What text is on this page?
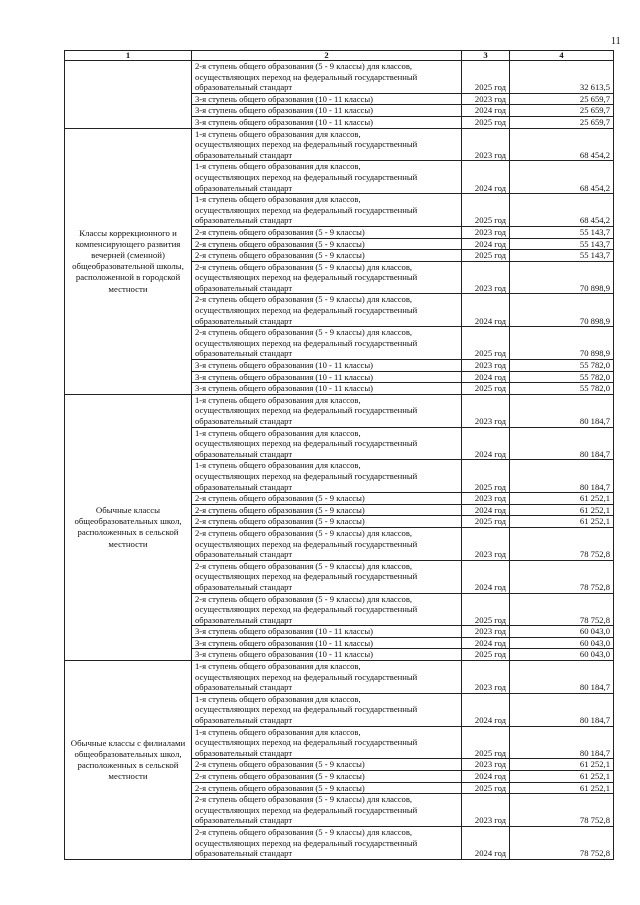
11
1	2	3	4

	2-я ступень общего образования (5 - 9 классы) для классов,
осуществляющих переход на федеральный государственный
образовательный стандарт	2025 год	32 613,5

	3-я ступень общего образования (10 - 11 классы)	2023 год	25 659,7

	3-я ступень общего образования (10 - 11 классы)	2024 год	25 659,7

	3-я ступень общего образования (10 - 11 классы)	2025 год	25 659,7
Классы коррекционного и компенсирующего развития вечерней (сменной) общеобразовательной школы, расположенной в городской местности	1-я ступень общего образования для классов,
осуществляющих переход на федеральный государственный
образовательный стандарт	2023 год	68 454,2

	1-я ступень общего образования для классов,
осуществляющих переход на федеральный государственный
образовательный стандарт	2024 год	68 454,2

	1-я ступень общего образования для классов,
осуществляющих переход на федеральный государственный
образовательный стандарт	2025 год	68 454,2

	2-я ступень общего образования (5 - 9 классы)	2023 год	55 143,7

	2-я ступень общего образования (5 - 9 классы)	2024 год	55 143,7

	2-я ступень общего образования (5 - 9 классы)	2025 год	55 143,7

	2-я ступень общего образования (5 - 9 классы) для классов,
осуществляющих переход на федеральный государственный
образовательный стандарт	2023 год	70 898,9

	2-я ступень общего образования (5 - 9 классы) для классов,
осуществляющих переход на федеральный государственный
образовательный стандарт	2024 год	70 898,9

	2-я ступень общего образования (5 - 9 классы) для классов,
осуществляющих переход на федеральный государственный
образовательный стандарт	2025 год	70 898,9

	3-я ступень общего образования (10 - 11 классы)	2023 год	55 782,0

	3-я ступень общего образования (10 - 11 классы)	2024 год	55 782,0

	3-я ступень общего образования (10 - 11 классы)	2025 год	55 782,0
Обычные классы общеобразовательных школ, расположенных в сельской местности	1-я ступень общего образования для классов,
осуществляющих переход на федеральный государственный
образовательный стандарт	2023 год	80 184,7

	1-я ступень общего образования для классов,
осуществляющих переход на федеральный государственный
образовательный стандарт	2024 год	80 184,7

	1-я ступень общего образования для классов,
осуществляющих переход на федеральный государственный
образовательный стандарт	2025 год	80 184,7

	2-я ступень общего образования (5 - 9 классы)	2023 год	61 252,1

	2-я ступень общего образования (5 - 9 классы)	2024 год	61 252,1

	2-я ступень общего образования (5 - 9 классы)	2025 год	61 252,1

	2-я ступень общего образования (5 - 9 классы) для классов,
осуществляющих переход на федеральный государственный
образовательный стандарт	2023 год	78 752,8

	2-я ступень общего образования (5 - 9 классы) для классов,
осуществляющих переход на федеральный государственный
образовательный стандарт	2024 год	78 752,8

	2-я ступень общего образования (5 - 9 классы) для классов,
осуществляющих переход на федеральный государственный
образовательный стандарт	2025 год	78 752,8

	3-я ступень общего образования (10 - 11 классы)	2023 год	60 043,0

	3-я ступень общего образования (10 - 11 классы)	2024 год	60 043,0

	3-я ступень общего образования (10 - 11 классы)	2025 год	60 043,0
Обычные классы с филиалами общеобразовательных школ, расположенных в сельской местности	1-я ступень общего образования для классов,
осуществляющих переход на федеральный государственный
образовательный стандарт	2023 год	80 184,7

	1-я ступень общего образования для классов,
осуществляющих переход на федеральный государственный
образовательный стандарт	2024 год	80 184,7

	1-я ступень общего образования для классов,
осуществляющих переход на федеральный государственный
образовательный стандарт	2025 год	80 184,7

	2-я ступень общего образования (5 - 9 классы)	2023 год	61 252,1

	2-я ступень общего образования (5 - 9 классы)	2024 год	61 252,1

	2-я ступень общего образования (5 - 9 классы)	2025 год	61 252,1

	2-я ступень общего образования (5 - 9 классы) для классов,
осуществляющих переход на федеральный государственный
образовательный стандарт	2023 год	78 752,8

	2-я ступень общего образования (5 - 9 классы) для классов,
осуществляющих переход на федеральный государственный
образовательный стандарт	2024 год	78 752,8
